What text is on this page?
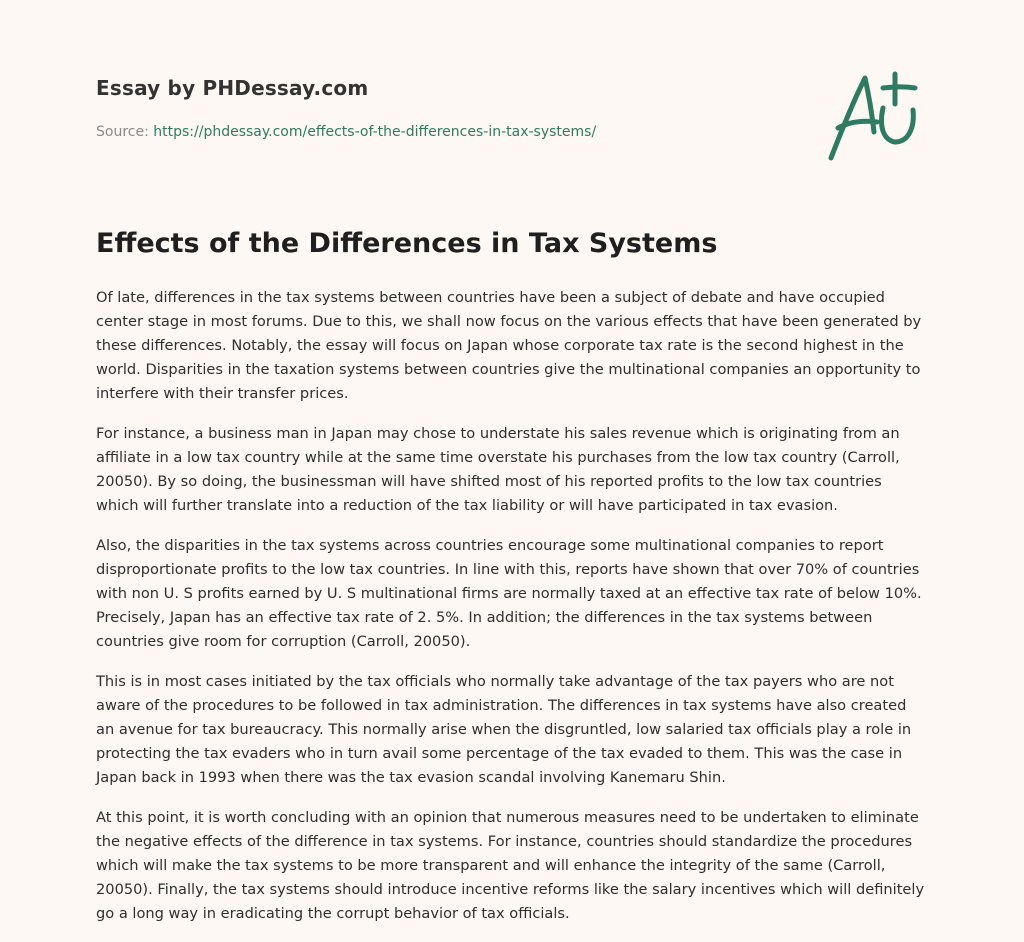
Essay by PHDessay.com

Source: https://phdessay.com/effects-of-the-differences-in-tax-systems/

Effects of the Differences in Tax Systems

Of late, differences in the tax systems between countries have been a subject of debate and have occupied center stage in most forums. Due to this, we shall now focus on the various effects that have been generated by these differences. Notably, the essay will focus on Japan whose corporate tax rate is the second highest in the world. Disparities in the taxation systems between countries give the multinational companies an opportunity to interfere with their transfer prices.

For instance, a business man in Japan may chose to understate his sales revenue which is originating from an affiliate in a low tax country while at the same time overstate his purchases from the low tax country (Carroll, 20050). By so doing, the businessman will have shifted most of his reported profits to the low tax countries which will further translate into a reduction of the tax liability or will have participated in tax evasion.

Also, the disparities in the tax systems across countries encourage some multinational companies to report disproportionate profits to the low tax countries. In line with this, reports have shown that over 70% of countries with non U. S profits earned by U. S multinational firms are normally taxed at an effective tax rate of below 10%. Precisely, Japan has an effective tax rate of 2. 5%. In addition; the differences in the tax systems between countries give room for corruption (Carroll, 20050).

This is in most cases initiated by the tax officials who normally take advantage of the tax payers who are not aware of the procedures to be followed in tax administration. The differences in tax systems have also created an avenue for tax bureaucracy. This normally arise when the disgruntled, low salaried tax officials play a role in protecting the tax evaders who in turn avail some percentage of the tax evaded to them. This was the case in Japan back in 1993 when there was the tax evasion scandal involving Kanemaru Shin.

At this point, it is worth concluding with an opinion that numerous measures need to be undertaken to eliminate the negative effects of the difference in tax systems. For instance, countries should standardize the procedures which will make the tax systems to be more transparent and will enhance the integrity of the same (Carroll, 20050). Finally, the tax systems should introduce incentive reforms like the salary incentives which will definitely go a long way in eradicating the corrupt behavior of tax officials.
